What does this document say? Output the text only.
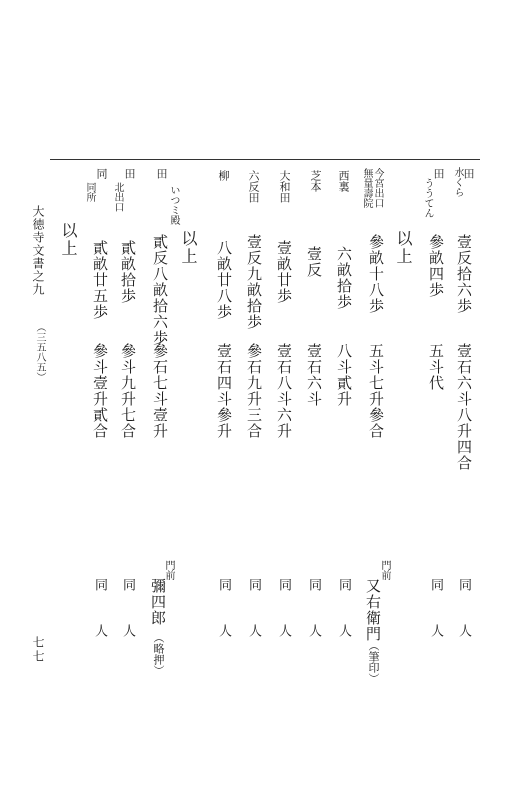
水くら 田
壹反拾六歩
壹石六斗八升四合
同　人
ううてん
田
參畝四歩
五斗代
同　人
以上
今宮出口
無量壽院
參畝十八歩
五斗七升參合
門前
又右衛門
（筆印）
西裏
六畝拾歩
八斗貳升
同　人
芝本
壹反
壹石六斗
同　人
大和田
壹畝廿歩
壹石八斗六升
同　人
六反田
壹反九畝拾歩
參石九升三合
同　人
柳
八畝廿八歩
壹石四斗參升
同　人
以上
いつミ殿
田
貳反八畝拾六歩
參石七斗壹升
門前
彌四郎
（略押）
北出口
田
貳畝拾歩
參斗九升七合
同　人
同所
同
貳畝廿五歩
參斗壹升貳合
同　人
以上
大徳寺文書之九
（三五八五）
七七
